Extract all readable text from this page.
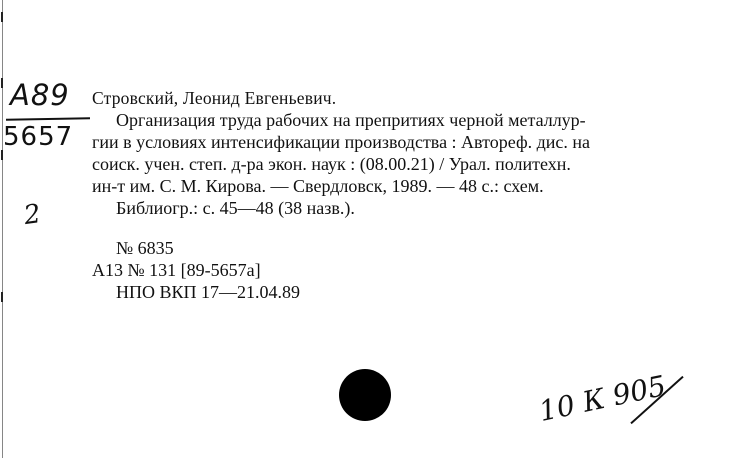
А89
5657
2
Стровский, Леонид Евгеньевич.
Организация труда рабочих на препритиях черной металлур-
гии в условиях интенсификации производства : Автореф. дис. на
соиск. учен. степ. д-ра экон. наук : (08.00.21) / Урал. политехн.
ин-т им. С. М. Кирова. — Свердловск, 1989. — 48 с.: схем.
Библиогр.: с. 45—48 (38 назв.).
№ 6835
А13 № 131 [89-5657а]
НПО ВКП 17—21.04.89
10 К 905
